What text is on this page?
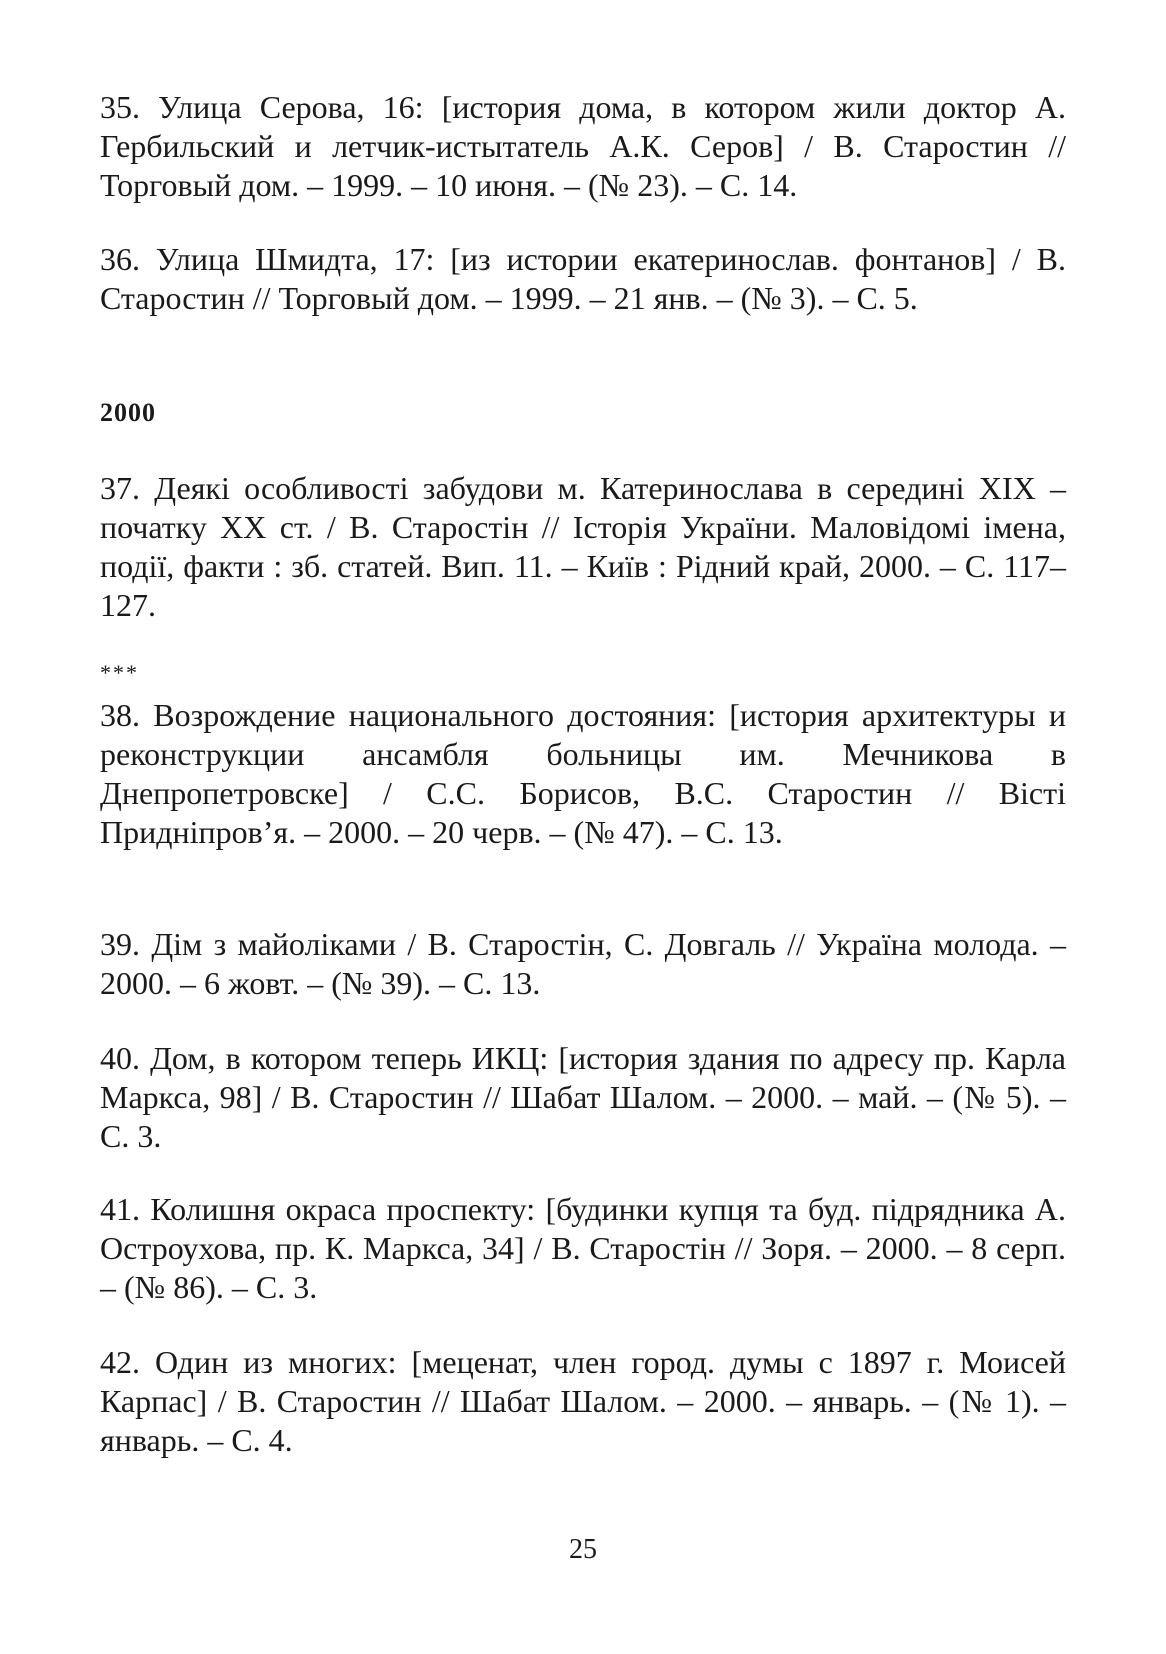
35. Улица Серова, 16: [история дома, в котором жили доктор А. Гербильский и летчик-истытатель А.К. Серов] / В. Старостин // Торговый дом. – 1999. – 10 июня. – (№ 23). – С. 14.

36. Улица Шмидта, 17: [из истории екатеринослав. фонтанов] / В. Старостин // Торговый дом. – 1999. – 21 янв. – (№ 3). – С. 5.

2000

37. Деякі особливості забудови м. Катеринослава в середині XIX – початку XX ст. / В. Старостін // Історія України. Маловідомі імена, події, факти : зб. статей. Вип. 11. – Київ : Рідний край, 2000. – С. 117–127.

***

38. Возрождение национального достояния: [история архитектуры и реконструкции ансамбля больницы им. Мечникова в Днепропетровске] / С.С. Борисов, В.С. Старостин // Вісті Придніпров’я. – 2000. – 20 черв. – (№ 47). – С. 13.

39. Дім з майоліками / В. Старостін, С. Довгаль // Україна молода. – 2000. – 6 жовт. – (№ 39). – С. 13.

40. Дом, в котором теперь ИКЦ: [история здания по адресу пр. Карла Маркса, 98] / В. Старостин // Шабат Шалом. – 2000. – май. – (№ 5). – С. 3.

41. Колишня окраса проспекту: [будинки купця та буд. підрядника А. Остроухова, пр. К. Маркса, 34] / В. Старостін // Зоря. – 2000. – 8 серп. – (№ 86). – С. 3.

42. Один из многих: [меценат, член город. думы с 1897 г. Моисей Карпас] / В. Старостин // Шабат Шалом. – 2000. – январь. – (№ 1). – январь. – С. 4.

25
